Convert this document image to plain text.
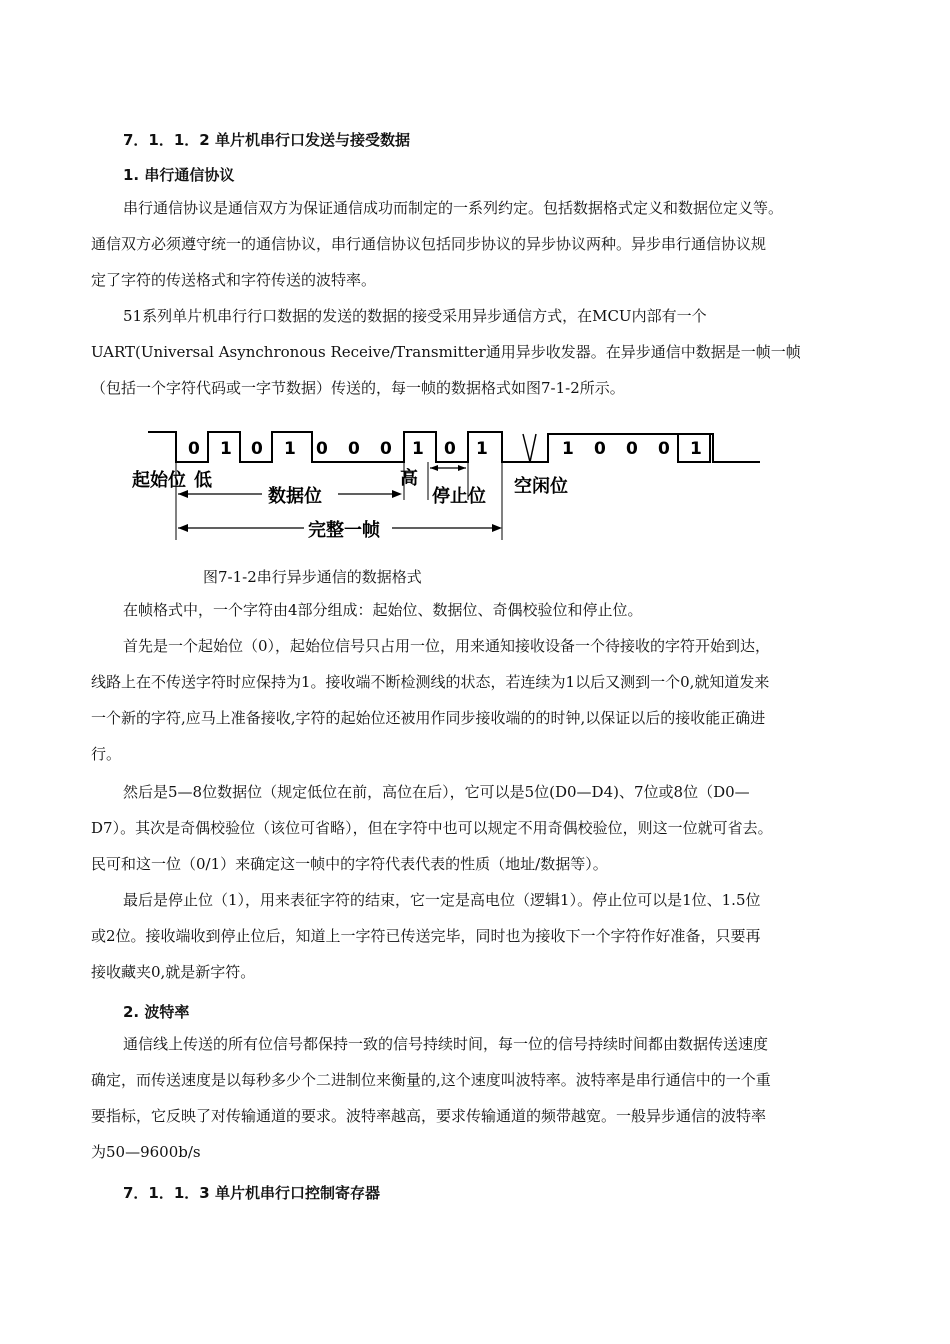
7．1．1．2 单片机串行口发送与接受数据
1. 串行通信协议
串行通信协议是通信双方为保证通信成功而制定的一系列约定。包括数据格式定义和数据位定义等。
通信双方必须遵守统一的通信协议，串行通信协议包括同步协议的异步协议两种。异步串行通信协议规
定了字符的传送格式和字符传送的波特率。
51系列单片机串行行口数据的发送的数据的接受采用异步通信方式，在MCU内部有一个
UART(Universal Asynchronous Receive/Transmitter通用异步收发器。在异步通信中数据是一帧一帧
（包括一个字符代码或一字节数据）传送的，每一帧的数据格式如图7-1-2所示。
0 1 0 1 0 0 0 1 0 1	1 0 0 0 1
起始位 低
数据位
高
停止位 空闲位
完整一帧
图7-1-2串行异步通信的数据格式
在帧格式中，一个字符由4部分组成：起始位、数据位、奇偶校验位和停止位。
首先是一个起始位（0），起始位信号只占用一位，用来通知接收设备一个待接收的字符开始到达，
线路上在不传送字符时应保持为1。接收端不断检测线的状态，若连续为1以后又测到一个0,就知道发来
一个新的字符,应马上准备接收,字符的起始位还被用作同步接收端的的时钟,以保证以后的接收能正确进
行。
然后是5—8位数据位（规定低位在前，高位在后），它可以是5位(D0—D4)、7位或8位（D0—
D7）。其次是奇偶校验位（该位可省略），但在字符中也可以规定不用奇偶校验位，则这一位就可省去。
民可和这一位（0/1）来确定这一帧中的字符代表代表的性质（地址/数据等）。
最后是停止位（1），用来表征字符的结束，它一定是高电位（逻辑1）。停止位可以是1位、1.5位
或2位。接收端收到停止位后，知道上一字符已传送完毕，同时也为接收下一个字符作好准备，只要再
接收藏夹0,就是新字符。
2. 波特率
通信线上传送的所有位信号都保持一致的信号持续时间，每一位的信号持续时间都由数据传送速度
确定，而传送速度是以每秒多少个二进制位来衡量的,这个速度叫波特率。波特率是串行通信中的一个重
要指标，它反映了对传输通道的要求。波特率越高，要求传输通道的频带越宽。一般异步通信的波特率
为50—9600b/s
7．1．1．3 单片机串行口控制寄存器
